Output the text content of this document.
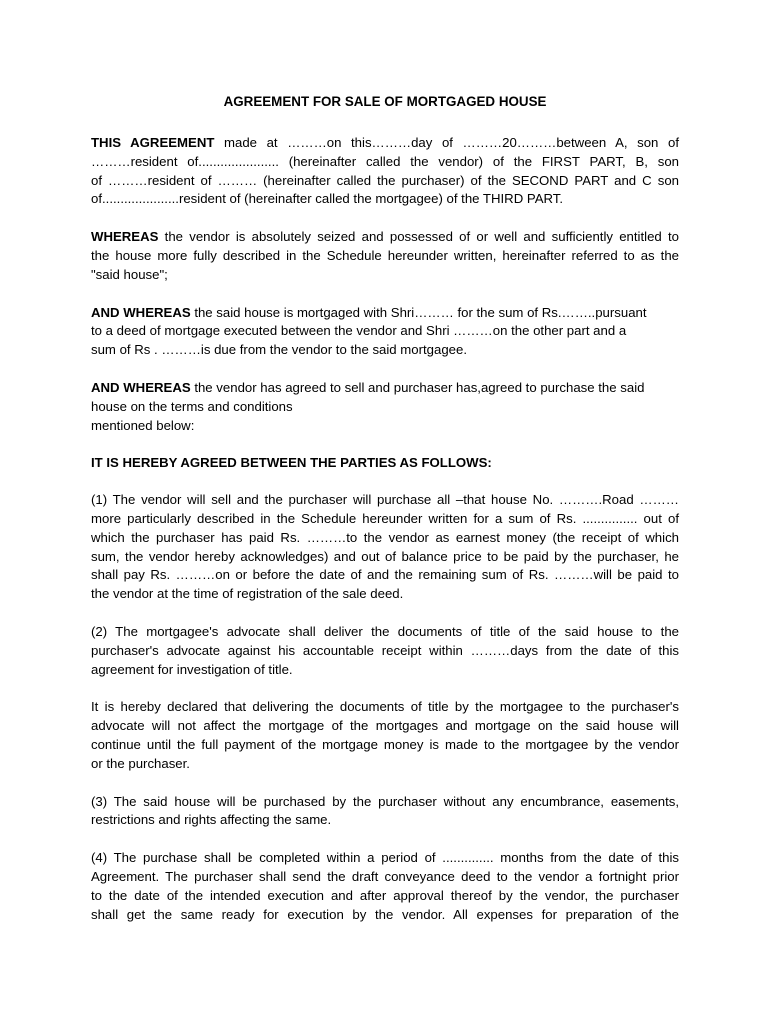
AGREEMENT FOR SALE OF MORTGAGED HOUSE
THIS AGREEMENT made at ………on this………day of ………20………between A, son of
………resident of...................... (hereinafter called the vendor) of the FIRST PART, B, son
of ………resident of ……… (hereinafter called the purchaser) of the SECOND PART and C son
of.....................resident of (hereinafter called the mortgagee) of the THIRD PART.
WHEREAS the vendor is absolutely seized and possessed of or well and sufficiently entitled to
the house more fully described in the Schedule hereunder written, hereinafter referred to as the
"said house";
AND WHEREAS the said house is mortgaged with Shri……… for the sum of Rs.……..pursuant
to a deed of mortgage executed between the vendor and Shri ………on the other part and a
sum of Rs . ………is due from the vendor to the said mortgagee.
AND WHEREAS the vendor has agreed to sell and purchaser has,agreed to purchase the said
house on the terms and conditions
mentioned below:
IT IS HEREBY AGREED BETWEEN THE PARTIES AS FOLLOWS:
(1) The vendor will sell and the purchaser will purchase all –that house No. ……….Road ………
more particularly described in the Schedule hereunder written for a sum of Rs. ............... out of
which the purchaser has paid Rs. ………to the vendor as earnest money (the receipt of which
sum, the vendor hereby acknowledges) and out of balance price to be paid by the purchaser, he
shall pay Rs. ………on or before the date of and the remaining sum of Rs. ………will be paid to
the vendor at the time of registration of the sale deed.
(2) The mortgagee's advocate shall deliver the documents of title of the said house to the
purchaser's advocate against his accountable receipt within ………days from the date of this
agreement for investigation of title.
It is hereby declared that delivering the documents of title by the mortgagee to the purchaser's
advocate will not affect the mortgage of the mortgages and mortgage on the said house will
continue until the full payment of the mortgage money is made to the mortgagee by the vendor
or the purchaser.
(3) The said house will be purchased by the purchaser without any encumbrance, easements,
restrictions and rights affecting the same.
(4) The purchase shall be completed within a period of .............. months from the date of this
Agreement. The purchaser shall send the draft conveyance deed to the vendor a fortnight prior
to the date of the intended execution and after approval thereof by the vendor, the purchaser
shall get the same ready for execution by the vendor. All expenses for preparation of the
